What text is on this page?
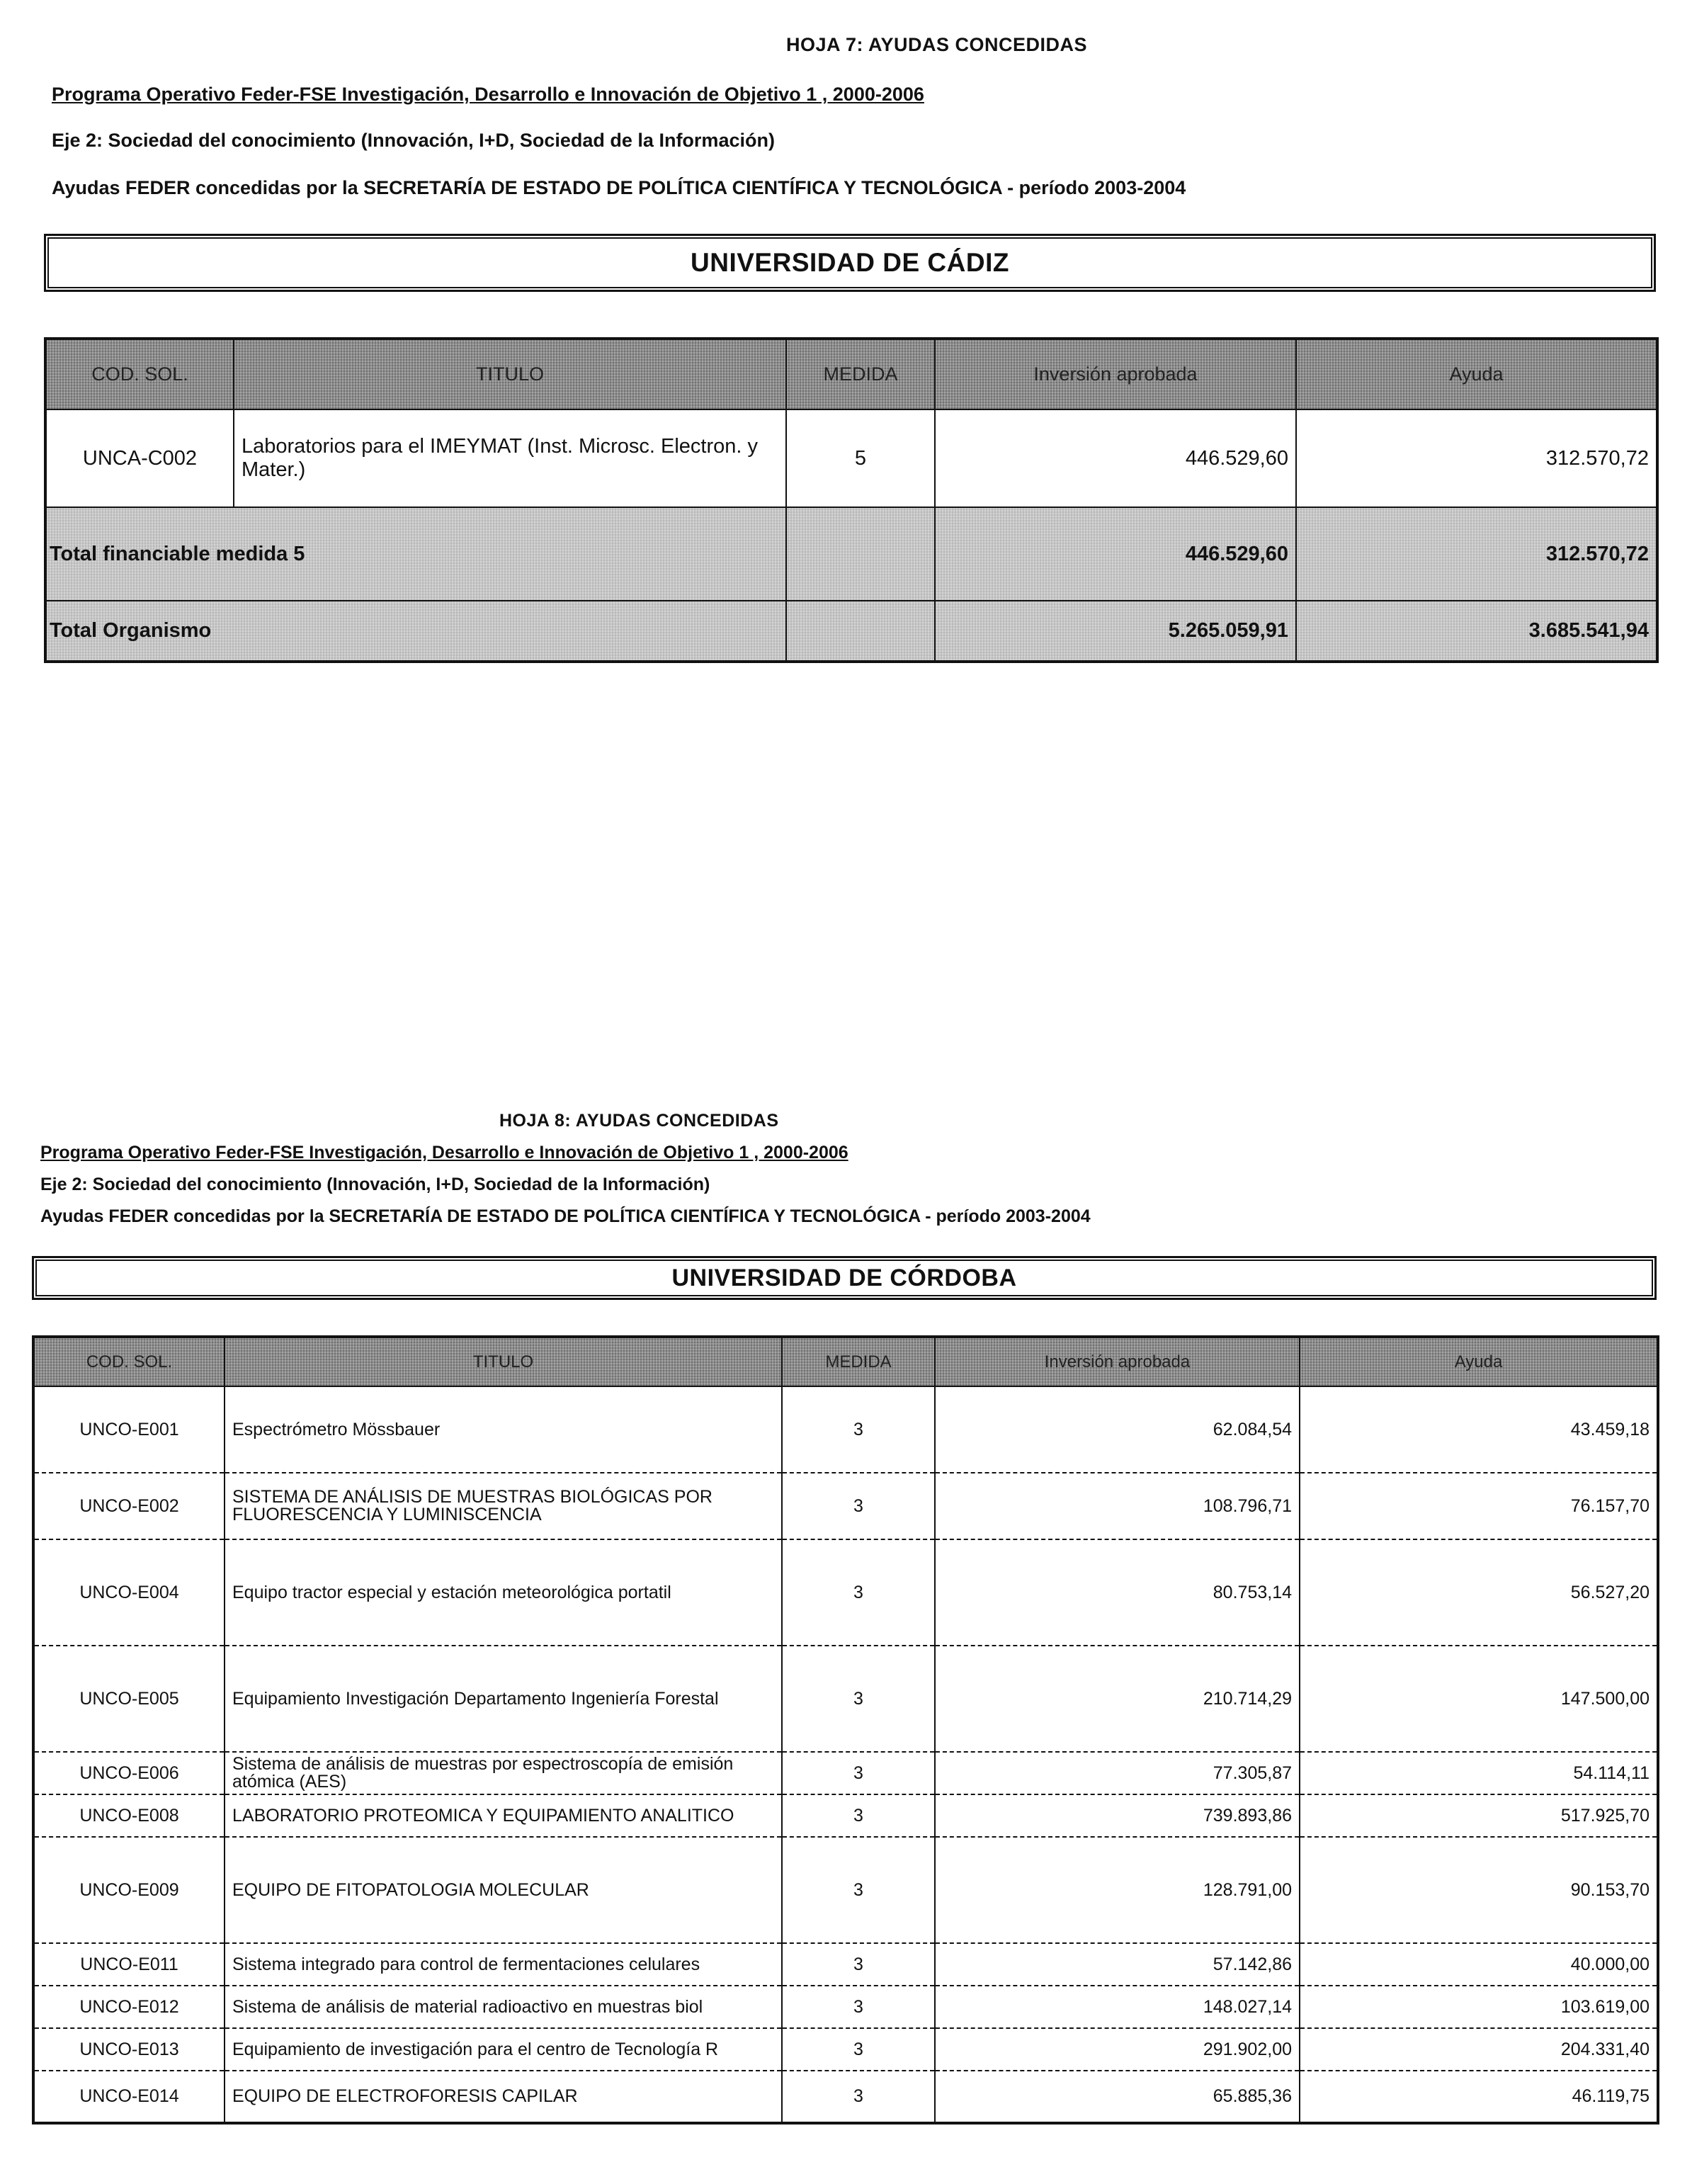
HOJA 7: AYUDAS CONCEDIDAS
Programa Operativo Feder-FSE Investigación, Desarrollo e Innovación de Objetivo 1 , 2000-2006
Eje 2: Sociedad del conocimiento (Innovación, I+D, Sociedad de la Información)
Ayudas FEDER concedidas por la SECRETARÍA DE ESTADO DE POLÍTICA CIENTÍFICA Y TECNOLÓGICA - período 2003-2004
UNIVERSIDAD DE CÁDIZ
COD. SOL.	TITULO	MEDIDA	Inversión aprobada	Ayuda
UNCA-C002	Laboratorios para el IMEYMAT (Inst. Microsc. Electron. y Mater.)	5	446.529,60	312.570,72
Total financiable medida 5			446.529,60	312.570,72
Total Organismo			5.265.059,91	3.685.541,94
HOJA 8: AYUDAS CONCEDIDAS
Programa Operativo Feder-FSE Investigación, Desarrollo e Innovación de Objetivo 1 , 2000-2006
Eje 2: Sociedad del conocimiento (Innovación, I+D, Sociedad de la Información)
Ayudas FEDER concedidas por la SECRETARÍA DE ESTADO DE POLÍTICA CIENTÍFICA Y TECNOLÓGICA - período 2003-2004
UNIVERSIDAD DE CÓRDOBA
COD. SOL.	TITULO	MEDIDA	Inversión aprobada	Ayuda
UNCO-E001	Espectrómetro Mössbauer	3	62.084,54	43.459,18
UNCO-E002	SISTEMA DE ANÁLISIS DE MUESTRAS BIOLÓGICAS POR FLUORESCENCIA Y LUMINISCENCIA	3	108.796,71	76.157,70
UNCO-E004	Equipo tractor especial y estación meteorológica portatil	3	80.753,14	56.527,20
UNCO-E005	Equipamiento Investigación Departamento Ingeniería Forestal	3	210.714,29	147.500,00
UNCO-E006	Sistema de análisis de muestras por espectroscopía de emisión atómica (AES)	3	77.305,87	54.114,11
UNCO-E008	LABORATORIO PROTEOMICA Y EQUIPAMIENTO ANALITICO	3	739.893,86	517.925,70
UNCO-E009	EQUIPO DE FITOPATOLOGIA MOLECULAR	3	128.791,00	90.153,70
UNCO-E011	Sistema integrado para control de fermentaciones celulares	3	57.142,86	40.000,00
UNCO-E012	Sistema de análisis de material radioactivo en muestras biol	3	148.027,14	103.619,00
UNCO-E013	Equipamiento de investigación para el centro de Tecnología R	3	291.902,00	204.331,40
UNCO-E014	EQUIPO DE ELECTROFORESIS CAPILAR	3	65.885,36	46.119,75
